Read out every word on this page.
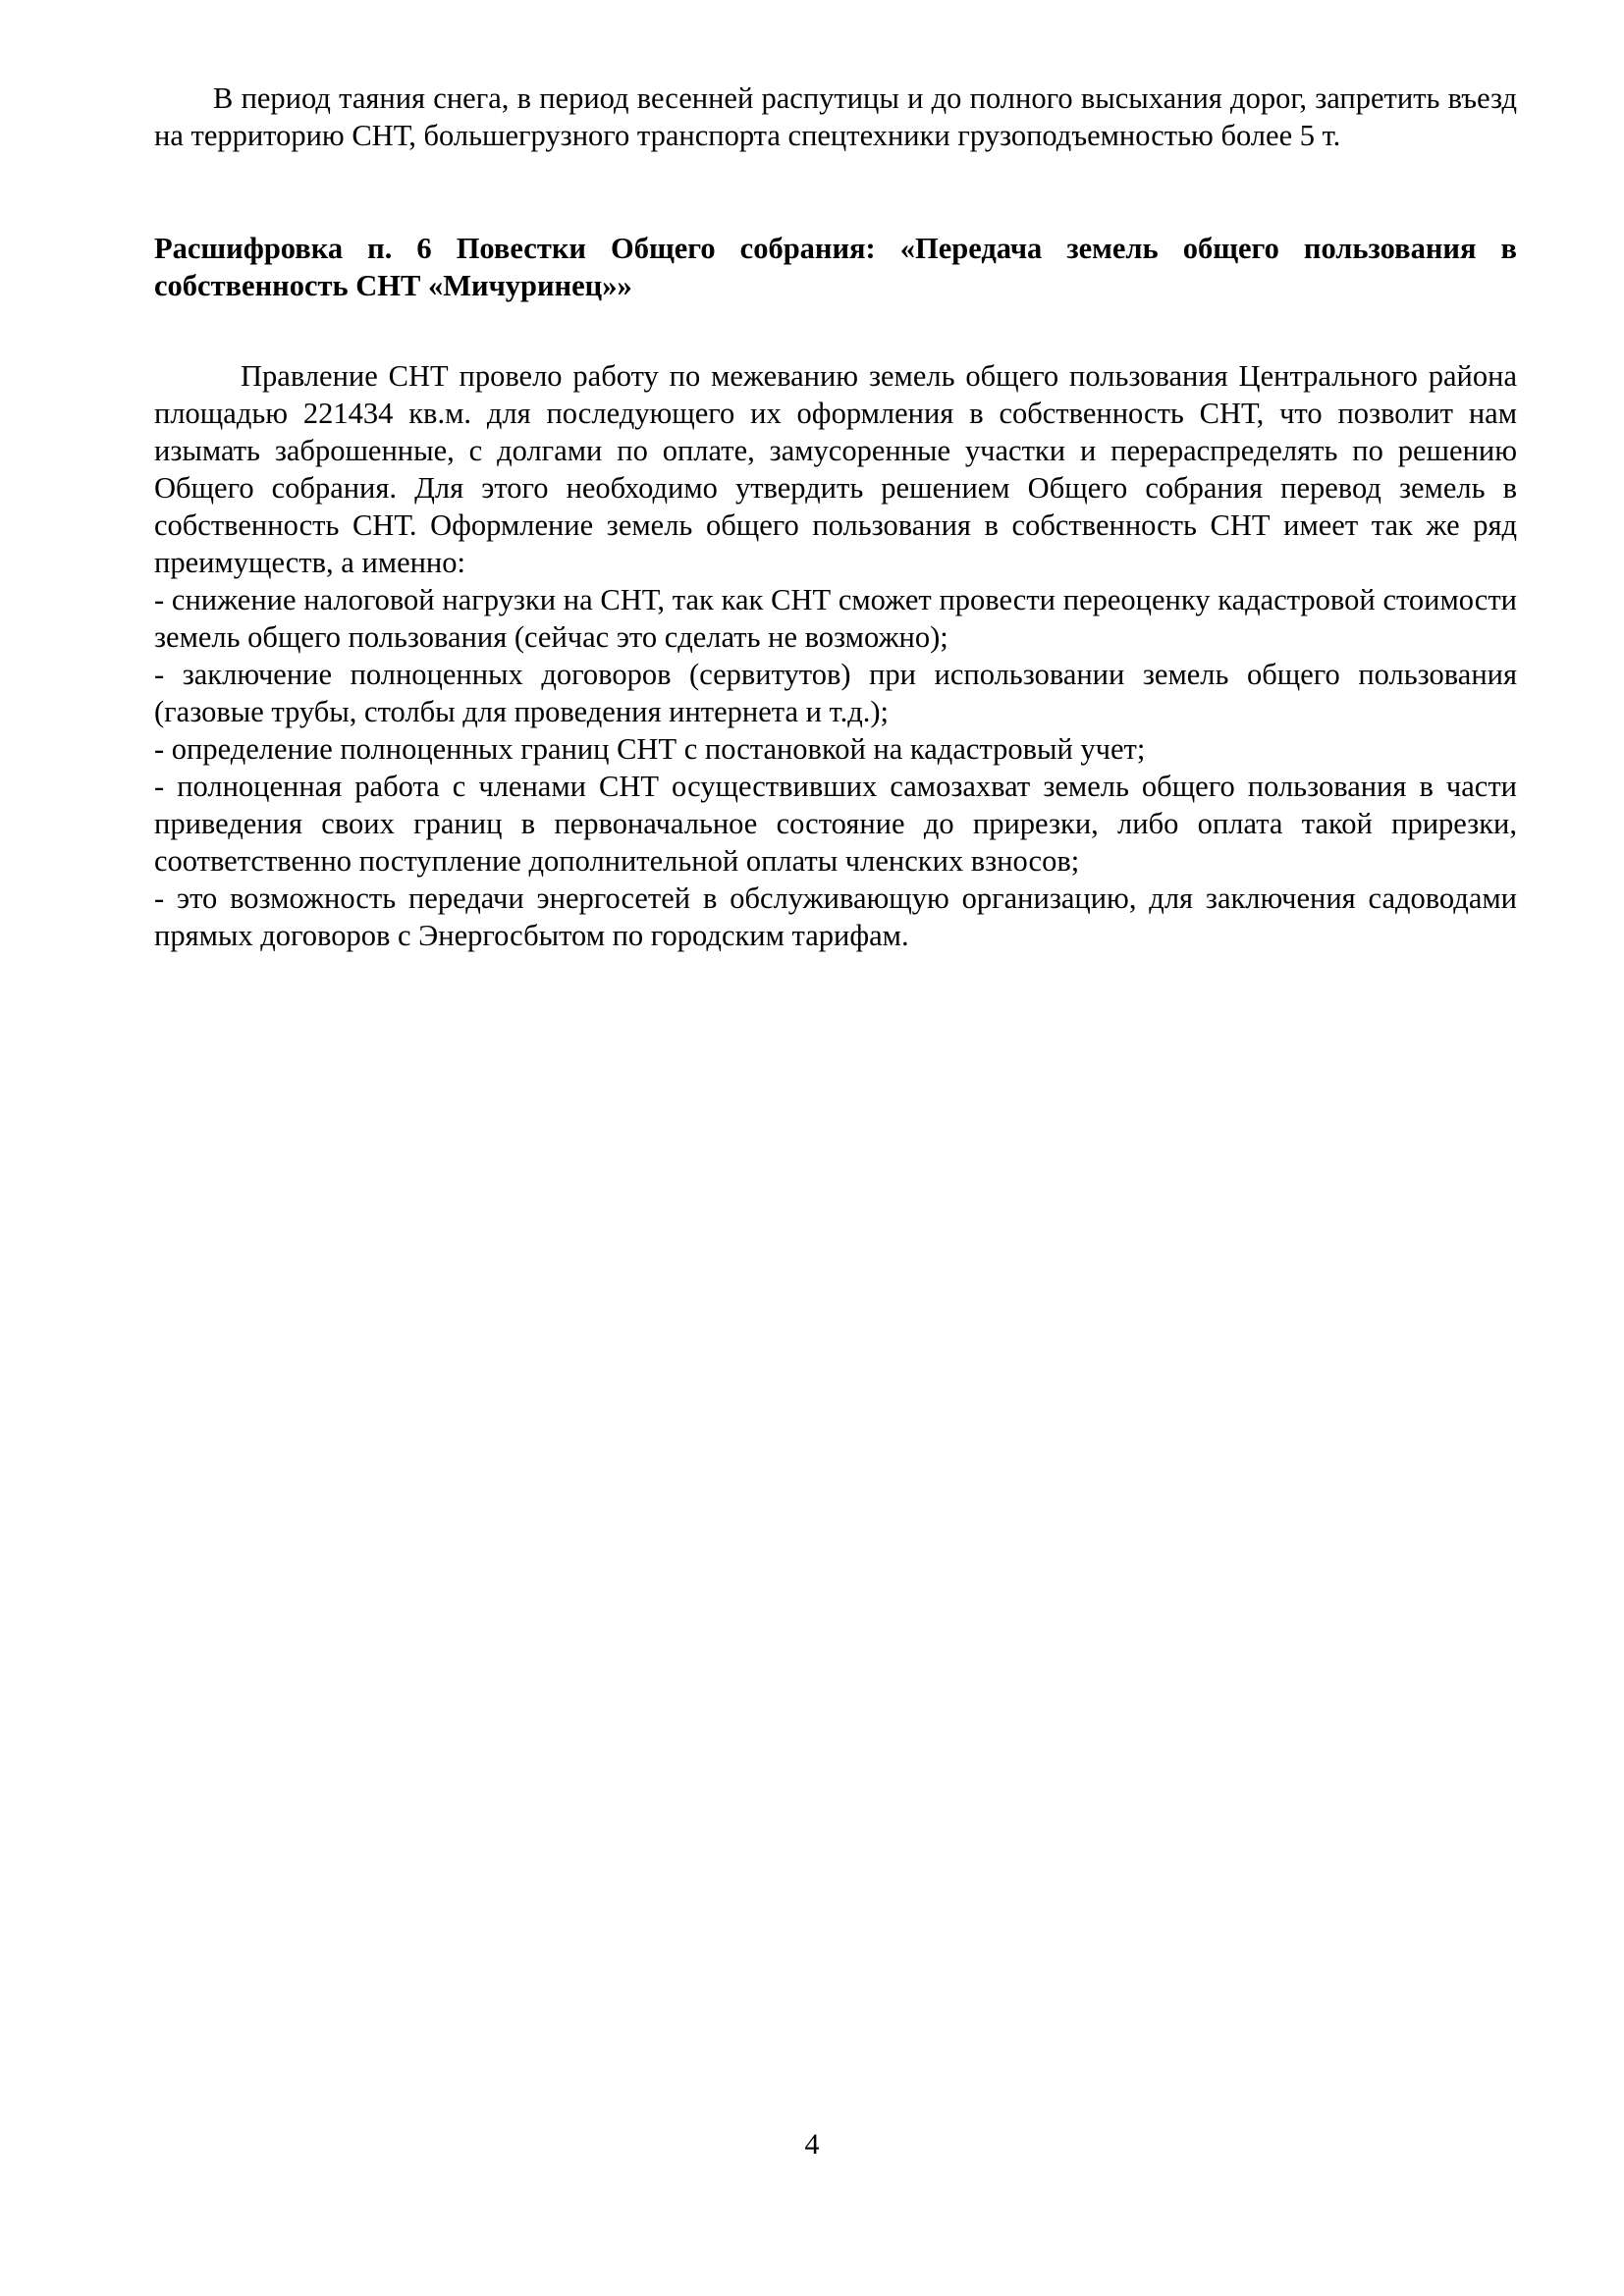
В период таяния снега, в период весенней распутицы и до полного высыхания дорог, запретить въезд на территорию СНТ, большегрузного транспорта спецтехники грузоподъемностью более 5 т.

Расшифровка п. 6 Повестки Общего собрания: «Передача земель общего пользования в собственность СНТ «Мичуринец»»

Правление СНТ провело работу по межеванию земель общего пользования Центрального района площадью 221434 кв.м. для последующего их оформления в собственность СНТ, что позволит нам изымать заброшенные, с долгами по оплате, замусоренные участки и перераспределять по решению Общего собрания. Для этого необходимо утвердить решением Общего собрания перевод земель в собственность СНТ. Оформление земель общего пользования в собственность СНТ имеет так же ряд преимуществ, а именно:

- снижение налоговой нагрузки на СНТ, так как СНТ сможет провести переоценку кадастровой стоимости земель общего пользования (сейчас это сделать не возможно);
- заключение полноценных договоров (сервитутов) при использовании земель общего пользования (газовые трубы, столбы для проведения интернета и т.д.);
- определение полноценных границ СНТ с постановкой на кадастровый учет;
- полноценная работа с членами СНТ осуществивших самозахват земель общего пользования в части приведения своих границ в первоначальное состояние до прирезки, либо оплата такой прирезки, соответственно поступление дополнительной оплаты членских взносов;
- это возможность передачи энергосетей в обслуживающую организацию, для заключения садоводами прямых договоров с Энергосбытом по городским тарифам.
4
